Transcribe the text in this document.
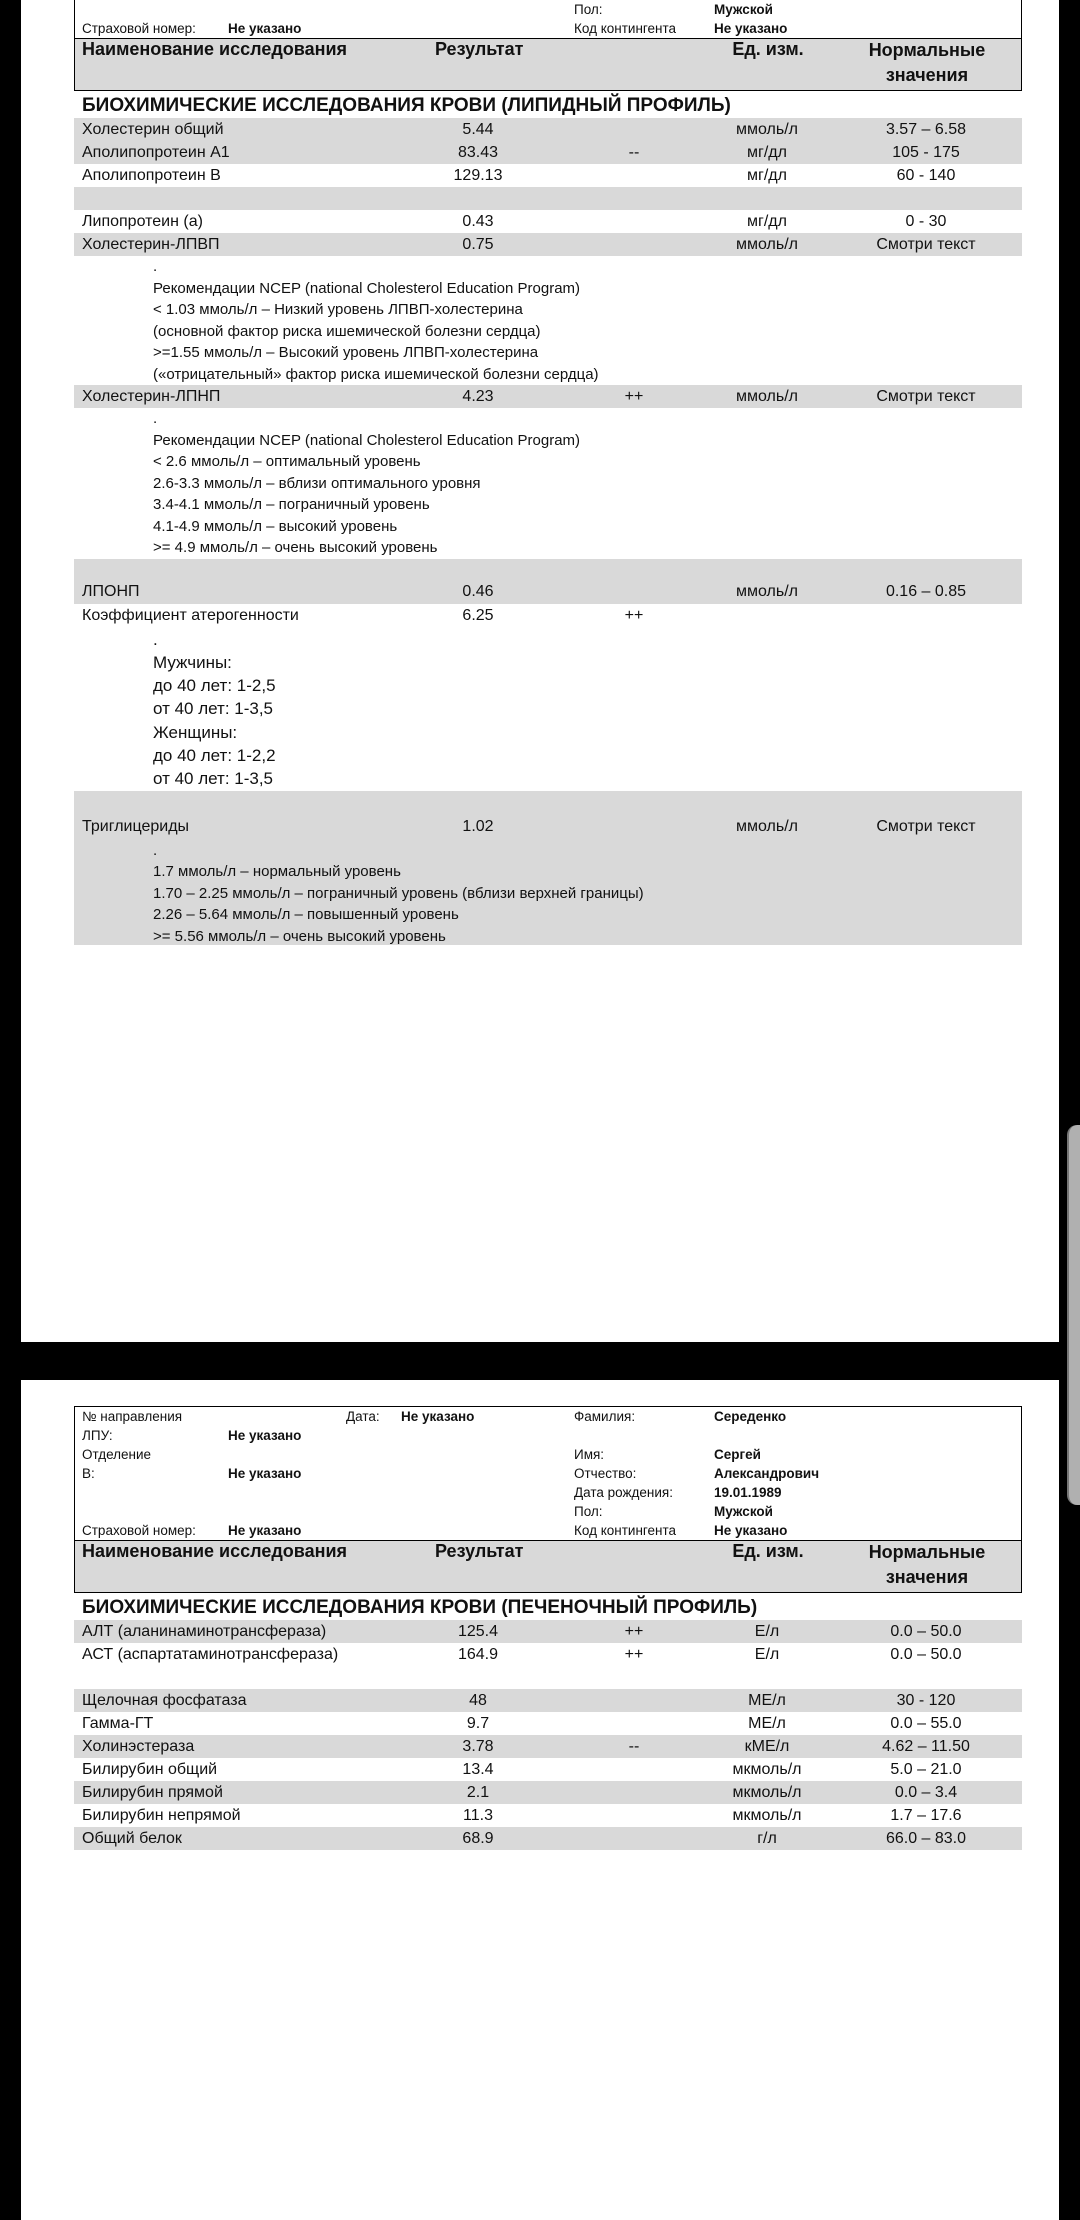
Пол:	Мужской
Страховой номер: Не указано	Код контингента	Не указано
Наименование исследования	Результат	Ед. изм.	Нормальные
значения
БИОХИМИЧЕСКИЕ ИССЛЕДОВАНИЯ КРОВИ (ЛИПИДНЫЙ ПРОФИЛЬ)
Холестерин общий	5.44	ммоль/л	3.57 – 6.58
Аполипопротеин А1	83.43	--	мг/дл	105 - 175
Аполипопротеин В	129.13	мг/дл	60 - 140
Липопротеин (а)	0.43	мг/дл	0 - 30
Холестерин-ЛПВП	0.75	ммоль/л	Смотри текст
.
Рекомендации NCEP (national Cholesterol Education Program)
< 1.03 ммоль/л – Низкий уровень ЛПВП-холестерина
(основной фактор риска ишемической болезни сердца)
>=1.55 ммоль/л – Высокий уровень ЛПВП-холестерина
(«отрицательный» фактор риска ишемической болезни сердца)
Холестерин-ЛПНП	4.23	++	ммоль/л	Смотри текст
.
Рекомендации NCEP (national Cholesterol Education Program)
< 2.6 ммоль/л – оптимальный уровень
2.6-3.3 ммоль/л – вблизи оптимального уровня
3.4-4.1 ммоль/л – пограничный уровень
4.1-4.9 ммоль/л – высокий уровень
>= 4.9 ммоль/л – очень высокий уровень
ЛПОНП	0.46	ммоль/л	0.16 – 0.85
Коэффициент атерогенности	6.25	++
.
Мужчины:
до 40 лет: 1-2,5
от 40 лет: 1-3,5
Женщины:
до 40 лет: 1-2,2
от 40 лет: 1-3,5
Триглицериды	1.02	ммоль/л	Смотри текст
.
1.7 ммоль/л – нормальный уровень
1.70 – 2.25 ммоль/л – пограничный уровень (вблизи верхней границы)
2.26 – 5.64 ммоль/л – повышенный уровень
>= 5.56 ммоль/л – очень высокий уровень
№ направления	Дата: Не указано	Фамилия:	Середенко
ЛПУ:	Не указано
Отделение	Имя:	Сергей
В:	Не указано	Отчество:	Александрович
Дата рождения:	19.01.1989
Пол:	Мужской
Страховой номер: Не указано	Код контингента	Не указано
Наименование исследования	Результат	Ед. изм.	Нормальные
значения
БИОХИМИЧЕСКИЕ ИССЛЕДОВАНИЯ КРОВИ (ПЕЧЕНОЧНЫЙ ПРОФИЛЬ)
АЛТ (аланинаминотрансфераза)	125.4	++	Е/л	0.0 – 50.0
АСТ (аспартатаминотрансфераза)	164.9	++	Е/л	0.0 – 50.0
Щелочная фосфатаза	48	МЕ/л	30 - 120
Гамма-ГТ	9.7	МЕ/л	0.0 – 55.0
Холинэстераза	3.78	--	кМЕ/л	4.62 – 11.50
Билирубин общий	13.4	мкмоль/л	5.0 – 21.0
Билирубин прямой	2.1	мкмоль/л	0.0 – 3.4
Билирубин непрямой	11.3	мкмоль/л	1.7 – 17.6
Общий белок	68.9	г/л	66.0 – 83.0
